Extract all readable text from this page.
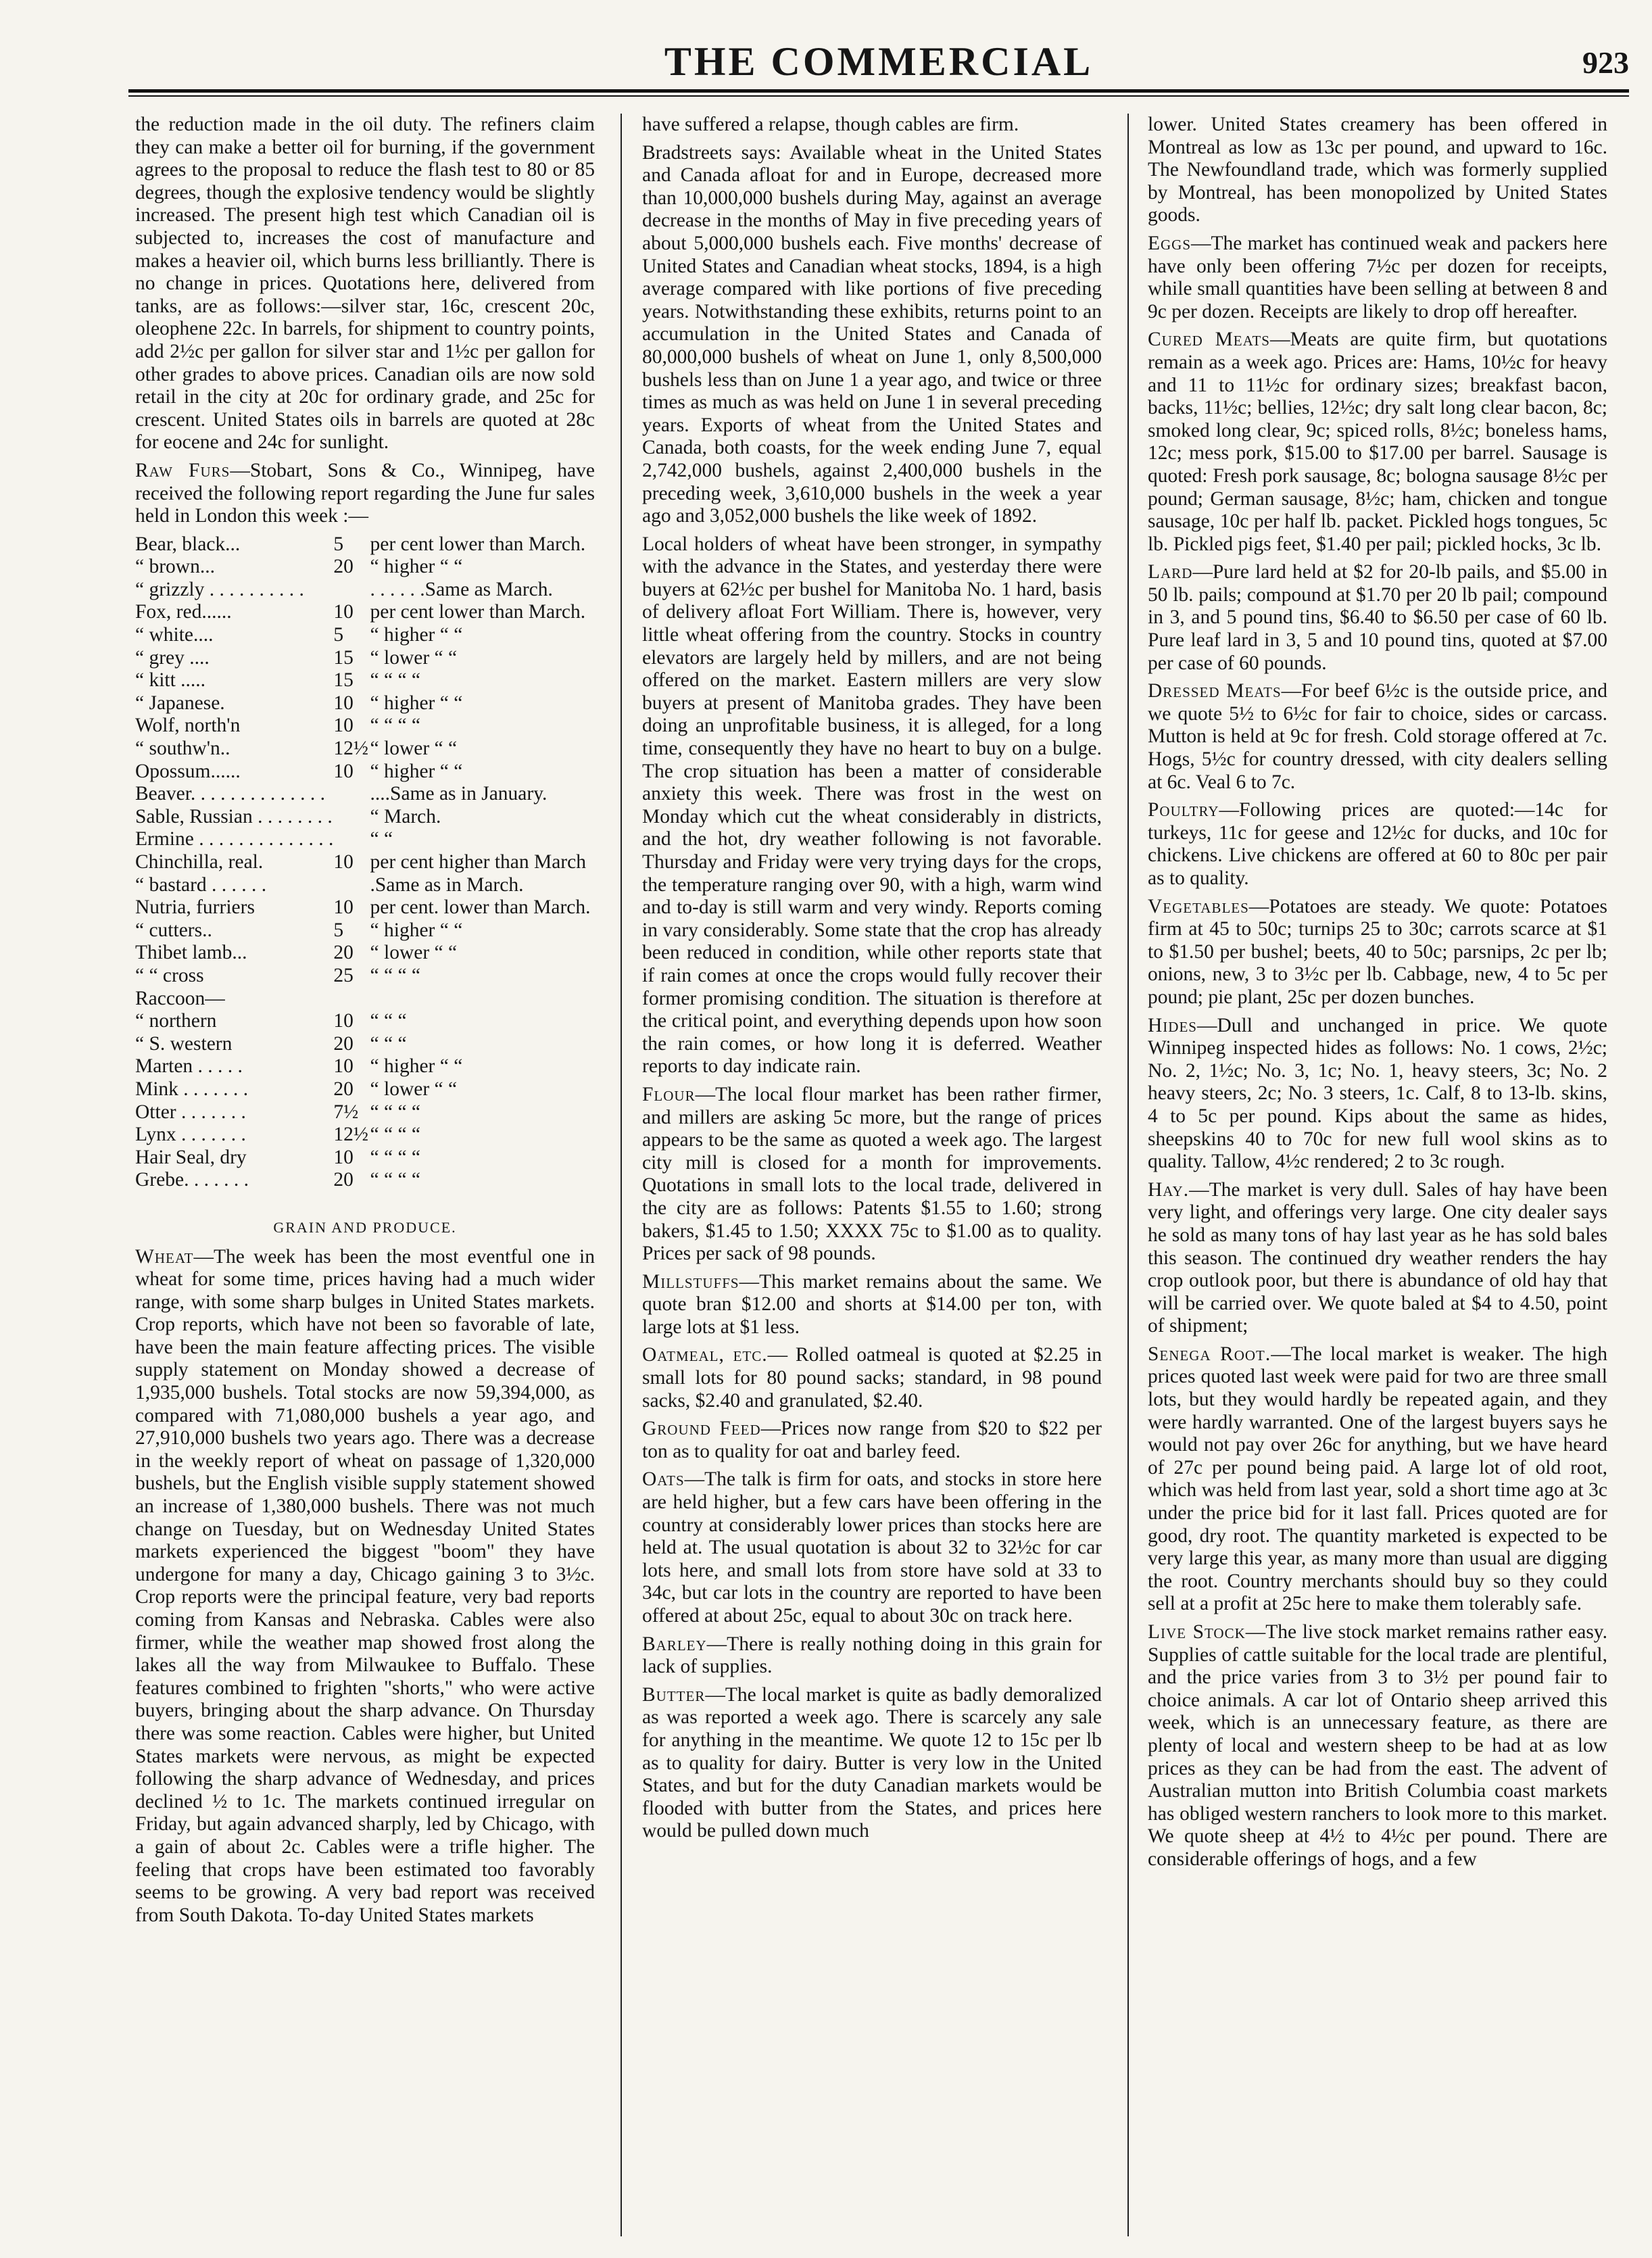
THE COMMERCIAL	923

the reduction made in the oil duty. The refiners claim they can make a better oil for burning, if the government agrees to the proposal to reduce the flash test to 80 or 85 degrees, though the explosive tendency would be slightly increased. The present high test which Canadian oil is subjected to, increases the cost of manufacture and makes a heavier oil, which burns less brilliantly. There is no change in prices. Quotations here, delivered from tanks, are as follows:—silver star, 16c, crescent 20c, oleophene 22c. In barrels, for shipment to country points, add 2½c per gallon for silver star and 1½c per gallon for other grades to above prices. Canadian oils are now sold retail in the city at 20c for ordinary grade, and 25c for crescent. United States oils in barrels are quoted at 28c for eocene and 24c for sunlight.

Raw Furs—Stobart, Sons & Co., Winnipeg, have received the following report regarding the June fur sales held in London this week :—

Bear, black...	5	per cent lower than March.
“ brown...	20	“ higher “ “
“ grizzly . . . . . . . . . .		. . . . . .Same as March.
Fox, red......	10	per cent lower than March.
“ white....	5	“ higher “ “
“ grey ....	15	“ lower “ “
“ kitt .....	15	“ “ “ “
“ Japanese.	10	“ higher “ “
Wolf, north'n	10	“ “ “ “
“ southw'n..	12½	“ lower “ “
Opossum......	10	“ higher “ “
Beaver. . . . . . . . . . . . . .		....Same as in January.
Sable, Russian . . . . . . . .		“ March.
Ermine . . . . . . . . . . . . . .		“ “
Chinchilla, real.	10	per cent higher than March
“ bastard . . . . . .		.Same as in March.
Nutria, furriers	10	per cent. lower than March.
“ cutters..	5	“ higher “ “
Thibet lamb...	20	“ lower “ “
“ “ cross	25	“ “ “ “
Raccoon—		
“ northern	10	“ “ “
“ S. western	20	“ “ “
Marten . . . . .	10	“ higher “ “
Mink . . . . . . .	20	“ lower “ “
Otter . . . . . . .	7½	“ “ “ “
Lynx . . . . . . .	12½	“ “ “ “
Hair Seal, dry	10	“ “ “ “
Grebe. . . . . . .	20	“ “ “ “
GRAIN AND PRODUCE.

Wheat—The week has been the most eventful one in wheat for some time, prices having had a much wider range, with some sharp bulges in United States markets. Crop reports, which have not been so favorable of late, have been the main feature affecting prices. The visible supply statement on Monday showed a decrease of 1,935,000 bushels. Total stocks are now 59,394,000, as compared with 71,080,000 bushels a year ago, and 27,910,000 bushels two years ago. There was a decrease in the weekly report of wheat on passage of 1,320,000 bushels, but the English visible supply statement showed an increase of 1,380,000 bushels. There was not much change on Tuesday, but on Wednesday United States markets experienced the biggest "boom" they have undergone for many a day, Chicago gaining 3 to 3½c. Crop reports were the principal feature, very bad reports coming from Kansas and Nebraska. Cables were also firmer, while the weather map showed frost along the lakes all the way from Milwaukee to Buffalo. These features combined to frighten "shorts," who were active buyers, bringing about the sharp advance. On Thursday there was some reaction. Cables were higher, but United States markets were nervous, as might be expected following the sharp advance of Wednesday, and prices declined ½ to 1c. The markets continued irregular on Friday, but again advanced sharply, led by Chicago, with a gain of about 2c. Cables were a trifle higher. The feeling that crops have been estimated too favorably seems to be growing. A very bad report was received from South Dakota. To-day United States markets

have suffered a relapse, though cables are firm.

Bradstreets says: Available wheat in the United States and Canada afloat for and in Europe, decreased more than 10,000,000 bushels during May, against an average decrease in the months of May in five preceding years of about 5,000,000 bushels each. Five months' decrease of United States and Canadian wheat stocks, 1894, is a high average compared with like portions of five preceding years. Notwithstanding these exhibits, returns point to an accumulation in the United States and Canada of 80,000,000 bushels of wheat on June 1, only 8,500,000 bushels less than on June 1 a year ago, and twice or three times as much as was held on June 1 in several preceding years. Exports of wheat from the United States and Canada, both coasts, for the week ending June 7, equal 2,742,000 bushels, against 2,400,000 bushels in the preceding week, 3,610,000 bushels in the week a year ago and 3,052,000 bushels the like week of 1892.

Local holders of wheat have been stronger, in sympathy with the advance in the States, and yesterday there were buyers at 62½c per bushel for Manitoba No. 1 hard, basis of delivery afloat Fort William. There is, however, very little wheat offering from the country. Stocks in country elevators are largely held by millers, and are not being offered on the market. Eastern millers are very slow buyers at present of Manitoba grades. They have been doing an unprofitable business, it is alleged, for a long time, consequently they have no heart to buy on a bulge. The crop situation has been a matter of considerable anxiety this week. There was frost in the west on Monday which cut the wheat considerably in districts, and the hot, dry weather following is not favorable. Thursday and Friday were very trying days for the crops, the temperature ranging over 90, with a high, warm wind and to-day is still warm and very windy. Reports coming in vary considerably. Some state that the crop has already been reduced in condition, while other reports state that if rain comes at once the crops would fully recover their former promising condition. The situation is therefore at the critical point, and everything depends upon how soon the rain comes, or how long it is deferred. Weather reports to day indicate rain.

Flour—The local flour market has been rather firmer, and millers are asking 5c more, but the range of prices appears to be the same as quoted a week ago. The largest city mill is closed for a month for improvements. Quotations in small lots to the local trade, delivered in the city are as follows: Patents $1.55 to 1.60; strong bakers, $1.45 to 1.50; XXXX 75c to $1.00 as to quality. Prices per sack of 98 pounds.

Millstuffs—This market remains about the same. We quote bran $12.00 and shorts at $14.00 per ton, with large lots at $1 less.

Oatmeal, etc.— Rolled oatmeal is quoted at $2.25 in small lots for 80 pound sacks; standard, in 98 pound sacks, $2.40 and granulated, $2.40.

Ground Feed—Prices now range from $20 to $22 per ton as to quality for oat and barley feed.

Oats—The talk is firm for oats, and stocks in store here are held higher, but a few cars have been offering in the country at considerably lower prices than stocks here are held at. The usual quotation is about 32 to 32½c for car lots here, and small lots from store have sold at 33 to 34c, but car lots in the country are reported to have been offered at about 25c, equal to about 30c on track here.

Barley—There is really nothing doing in this grain for lack of supplies.

Butter—The local market is quite as badly demoralized as was reported a week ago. There is scarcely any sale for anything in the meantime. We quote 12 to 15c per lb as to quality for dairy. Butter is very low in the United States, and but for the duty Canadian markets would be flooded with butter from the States, and prices here would be pulled down much

lower. United States creamery has been offered in Montreal as low as 13c per pound, and upward to 16c. The Newfoundland trade, which was formerly supplied by Montreal, has been monopolized by United States goods.

Eggs—The market has continued weak and packers here have only been offering 7½c per dozen for receipts, while small quantities have been selling at between 8 and 9c per dozen. Receipts are likely to drop off hereafter.

Cured Meats—Meats are quite firm, but quotations remain as a week ago. Prices are: Hams, 10½c for heavy and 11 to 11½c for ordinary sizes; breakfast bacon, backs, 11½c; bellies, 12½c; dry salt long clear bacon, 8c; smoked long clear, 9c; spiced rolls, 8½c; boneless hams, 12c; mess pork, $15.00 to $17.00 per barrel. Sausage is quoted: Fresh pork sausage, 8c; bologna sausage 8½c per pound; German sausage, 8½c; ham, chicken and tongue sausage, 10c per half lb. packet. Pickled hogs tongues, 5c lb. Pickled pigs feet, $1.40 per pail; pickled hocks, 3c lb.

Lard—Pure lard held at $2 for 20-lb pails, and $5.00 in 50 lb. pails; compound at $1.70 per 20 lb pail; compound in 3, and 5 pound tins, $6.40 to $6.50 per case of 60 lb. Pure leaf lard in 3, 5 and 10 pound tins, quoted at $7.00 per case of 60 pounds.

Dressed Meats—For beef 6½c is the outside price, and we quote 5½ to 6½c for fair to choice, sides or carcass. Mutton is held at 9c for fresh. Cold storage offered at 7c. Hogs, 5½c for country dressed, with city dealers selling at 6c. Veal 6 to 7c.

Poultry—Following prices are quoted:—14c for turkeys, 11c for geese and 12½c for ducks, and 10c for chickens. Live chickens are offered at 60 to 80c per pair as to quality.

Vegetables—Potatoes are steady. We quote: Potatoes firm at 45 to 50c; turnips 25 to 30c; carrots scarce at $1 to $1.50 per bushel; beets, 40 to 50c; parsnips, 2c per lb; onions, new, 3 to 3½c per lb. Cabbage, new, 4 to 5c per pound; pie plant, 25c per dozen bunches.

Hides—Dull and unchanged in price. We quote Winnipeg inspected hides as follows: No. 1 cows, 2½c; No. 2, 1½c; No. 3, 1c; No. 1, heavy steers, 3c; No. 2 heavy steers, 2c; No. 3 steers, 1c. Calf, 8 to 13-lb. skins, 4 to 5c per pound. Kips about the same as hides, sheepskins 40 to 70c for new full wool skins as to quality. Tallow, 4½c rendered; 2 to 3c rough.

Hay.—The market is very dull. Sales of hay have been very light, and offerings very large. One city dealer says he sold as many tons of hay last year as he has sold bales this season. The continued dry weather renders the hay crop outlook poor, but there is abundance of old hay that will be carried over. We quote baled at $4 to 4.50, point of shipment;

Senega Root.—The local market is weaker. The high prices quoted last week were paid for two are three small lots, but they would hardly be repeated again, and they were hardly warranted. One of the largest buyers says he would not pay over 26c for anything, but we have heard of 27c per pound being paid. A large lot of old root, which was held from last year, sold a short time ago at 3c under the price bid for it last fall. Prices quoted are for good, dry root. The quantity marketed is expected to be very large this year, as many more than usual are digging the root. Country merchants should buy so they could sell at a profit at 25c here to make them tolerably safe.

Live Stock—The live stock market remains rather easy. Supplies of cattle suitable for the local trade are plentiful, and the price varies from 3 to 3½ per pound fair to choice animals. A car lot of Ontario sheep arrived this week, which is an unnecessary feature, as there are plenty of local and western sheep to be had at as low prices as they can be had from the east. The advent of Australian mutton into British Columbia coast markets has obliged western ranchers to look more to this market. We quote sheep at 4½ to 4½c per pound. There are considerable offerings of hogs, and a few
